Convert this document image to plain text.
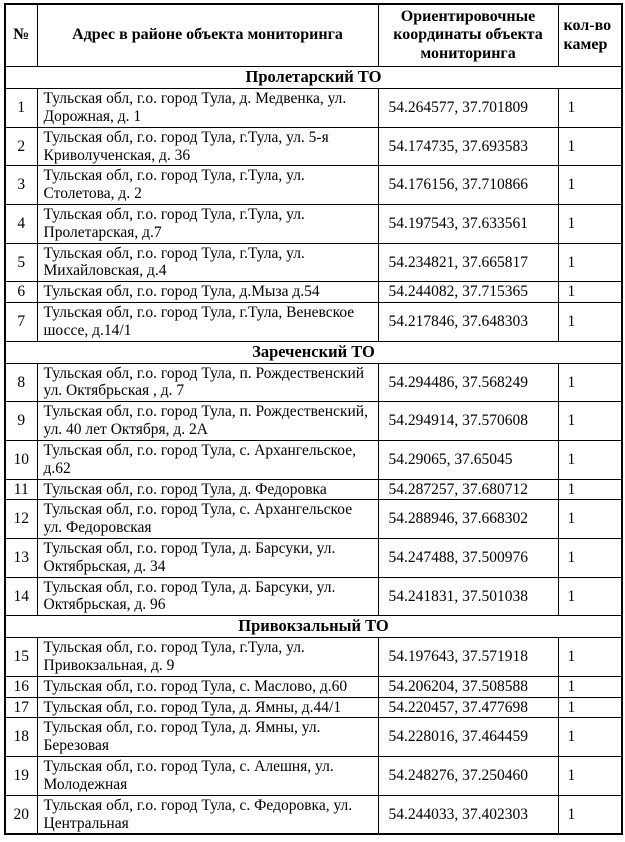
№	Адрес в районе объекта мониторинга	Ориентировочные координаты объекта мониторинга	кол-во камер
Пролетарский ТО			
1	Тульская обл, г.о. город Тула, д. Медвенка, ул. Дорожная, д. 1	54.264577, 37.701809	1
2	Тульская обл, г.о. город Тула, г.Тула, ул. 5-я Криволученская, д. 36	54.174735, 37.693583	1
3	Тульская обл, г.о. город Тула, г.Тула, ул. Столетова, д. 2	54.176156, 37.710866	1
4	Тульская обл, г.о. город Тула, г.Тула, ул. Пролетарская, д.7	54.197543, 37.633561	1
5	Тульская обл, г.о. город Тула, г.Тула, ул. Михайловская, д.4	54.234821, 37.665817	1
6	Тульская обл, г.о. город Тула, д.Мыза д.54	54.244082, 37.715365	1
7	Тульская обл, г.о. город Тула, г.Тула, Веневское шоссе, д.14/1	54.217846, 37.648303	1
Зареченский ТО			
8	Тульская обл, г.о. город Тула, п. Рождественский ул. Октябрьская , д. 7	54.294486, 37.568249	1
9	Тульская обл, г.о. город Тула, п. Рождественский, ул. 40 лет Октября, д. 2А	54.294914, 37.570608	1
10	Тульская обл, г.о. город Тула, с. Архангельское, д.62	54.29065, 37.65045	1
11	Тульская обл, г.о. город Тула, д. Федоровка	54.287257, 37.680712	1
12	Тульская обл, г.о. город Тула, с. Архангельское ул. Федоровская	54.288946, 37.668302	1
13	Тульская обл, г.о. город Тула, д. Барсуки, ул. Октябрьская, д. 34	54.247488, 37.500976	1
14	Тульская обл, г.о. город Тула, д. Барсуки, ул. Октябрьская, д. 96	54.241831, 37.501038	1
Привокзальный ТО			
15	Тульская обл, г.о. город Тула, г.Тула, ул. Привокзальная, д. 9	54.197643, 37.571918	1
16	Тульская обл, г.о. город Тула, с. Маслово, д.60	54.206204, 37.508588	1
17	Тульская обл, г.о. город Тула, д. Ямны, д.44/1	54.220457, 37.477698	1
18	Тульская обл, г.о. город Тула, д. Ямны, ул. Березовая	54.228016, 37.464459	1
19	Тульская обл, г.о. город Тула, с. Алешня, ул. Молодежная	54.248276, 37.250460	1
20	Тульская обл, г.о. город Тула, с. Федоровка, ул. Центральная	54.244033, 37.402303	1
